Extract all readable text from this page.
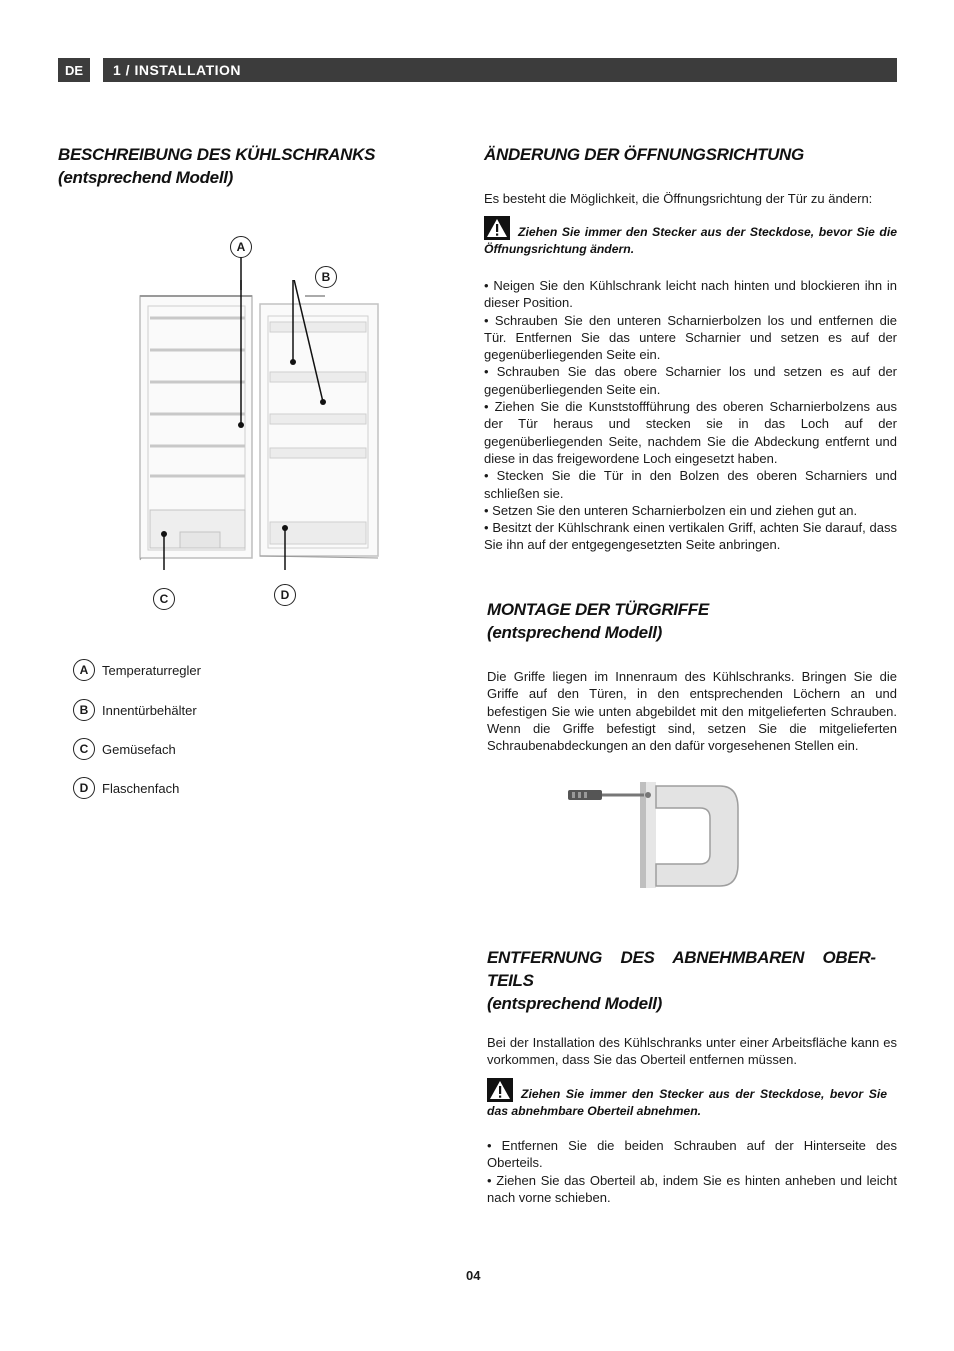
DE	1 / INSTALLATION
BESCHREIBUNG DES KÜHLSCHRANKS
(entsprechend Modell)
A
B
C	D
A	Temperaturregler
B	Innentürbehälter
C	Gemüsefach
D	Flaschenfach
ÄNDERUNG DER ÖFFNUNGSRICHTUNG
Es besteht die Möglichkeit, die Öffnungsrichtung der Tür zu ändern:
Ziehen Sie immer den Stecker aus der Steckdose, bevor Sie die Öffnungsrichtung ändern.
• Neigen Sie den Kühlschrank leicht nach hinten und blockieren ihn in dieser Position.
• Schrauben Sie den unteren Scharnierbolzen los und entfernen die Tür. Entfernen Sie das untere Scharnier und setzen es auf der gegenüberliegenden Seite ein.
• Schrauben Sie das obere Scharnier los und setzen es auf der gegenüberliegenden Seite ein.
• Ziehen Sie die Kunststoffführung des oberen Scharnierbolzens aus der Tür heraus und stecken sie in das Loch auf der gegenüberliegenden Seite, nachdem Sie die Abdeckung entfernt und diese in das freigewordene Loch eingesetzt haben.
• Stecken Sie die Tür in den Bolzen des oberen Scharniers und schließen sie.
• Setzen Sie den unteren Scharnierbolzen ein und ziehen gut an.
• Besitzt der Kühlschrank einen vertikalen Griff, achten Sie darauf, dass Sie ihn auf der entgegengesetzten Seite anbringen.
MONTAGE DER TÜRGRIFFE
(entsprechend Modell)
Die Griffe liegen im Innenraum des Kühlschranks. Bringen Sie die Griffe auf den Türen, in den entsprechenden Löchern an und befestigen Sie wie unten abgebildet mit den mitgelieferten Schrauben. Wenn die Griffe befestigt sind, setzen Sie die mitgelieferten Schraubenabdeckungen an den dafür vorgesehenen Stellen ein.
ENTFERNUNG DES ABNEHMBAREN OBER-
TEILS
(entsprechend Modell)
Bei der Installation des Kühlschranks unter einer Arbeitsfläche kann es vorkommen, dass Sie das Oberteil entfernen müssen.
Ziehen Sie immer den Stecker aus der Steckdose, bevor Sie das abnehmbare Oberteil abnehmen.
• Entfernen Sie die beiden Schrauben auf der Hinterseite des Oberteils.
• Ziehen Sie das Oberteil ab, indem Sie es hinten anheben und leicht nach vorne schieben.
04
